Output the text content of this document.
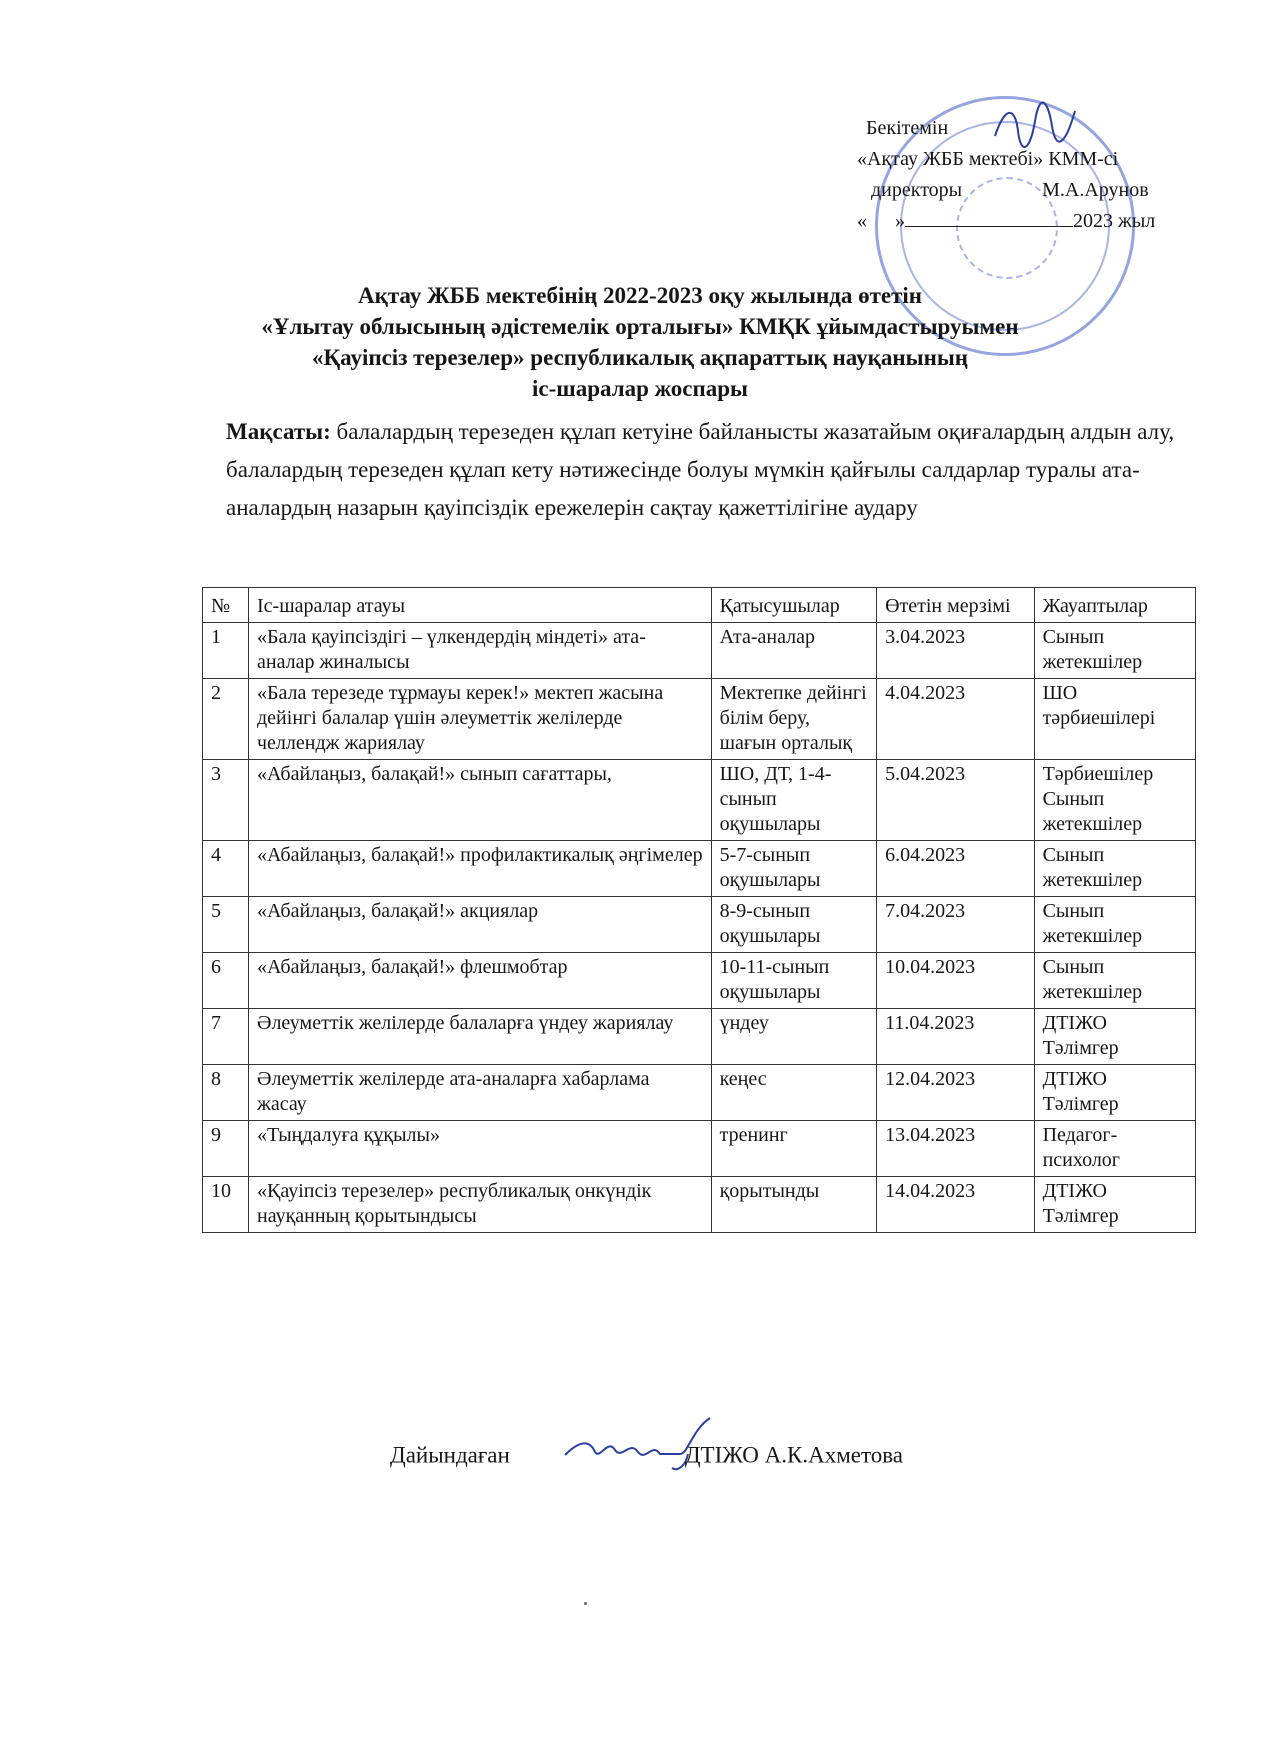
Бекітемін
«Ақтау ЖББ мектебі» КММ-сі
директоры	М.А.Арунов
« »	2023 жыл
Ақтау ЖББ мектебінің 2022-2023 оқу жылында өтетін
«Ұлытау облысының әдістемелік орталығы» КМҚК ұйымдастыруымен
«Қауіпсіз терезелер» республикалық ақпараттық науқанының
іс-шаралар жоспары
Мақсаты: балалардың терезеден құлап кетуіне байланысты жазатайым оқиғалардың алдын алу, балалардың терезеден құлап кету нәтижесінде болуы мүмкін қайғылы салдарлар туралы ата-аналардың назарын қауіпсіздік ережелерін сақтау қажеттілігіне аудару
№	Іс-шаралар атауы	Қатысушылар	Өтетін мерзімі	Жауаптылар
1	«Бала қауіпсіздігі – үлкендердің міндеті» ата-аналар жиналысы	Ата-аналар	3.04.2023	Сынып жетекшілер
2	«Бала терезеде тұрмауы керек!» мектеп жасына дейінгі балалар үшін әлеуметтік желілерде челлендж жариялау	Мектепке дейінгі білім беру, шағын орталық	4.04.2023	ШО тәрбиешілері
3	«Абайлаңыз, балақай!» сынып сағаттары,	ШО, ДТ, 1-4-сынып оқушылары	5.04.2023	Тәрбиешілер Сынып жетекшілер
4	«Абайлаңыз, балақай!» профилактикалық әңгімелер	5-7-сынып оқушылары	6.04.2023	Сынып жетекшілер
5	«Абайлаңыз, балақай!» акциялар	8-9-сынып оқушылары	7.04.2023	Сынып жетекшілер
6	«Абайлаңыз, балақай!» флешмобтар	10-11-сынып оқушылары	10.04.2023	Сынып жетекшілер
7	Әлеуметтік желілерде балаларға үндеу жариялау	үндеу	11.04.2023	ДТІЖО Тәлімгер
8	Әлеуметтік желілерде ата-аналарға хабарлама жасау	кеңес	12.04.2023	ДТІЖО Тәлімгер
9	«Тыңдалуға құқылы»	тренинг	13.04.2023	Педагог-психолог
10	«Қауіпсіз терезелер» республикалық онкүндік науқанның қорытындысы	қорытынды	14.04.2023	ДТІЖО Тәлімгер
Дайындаған	ДТІЖО А.К.Ахметова
